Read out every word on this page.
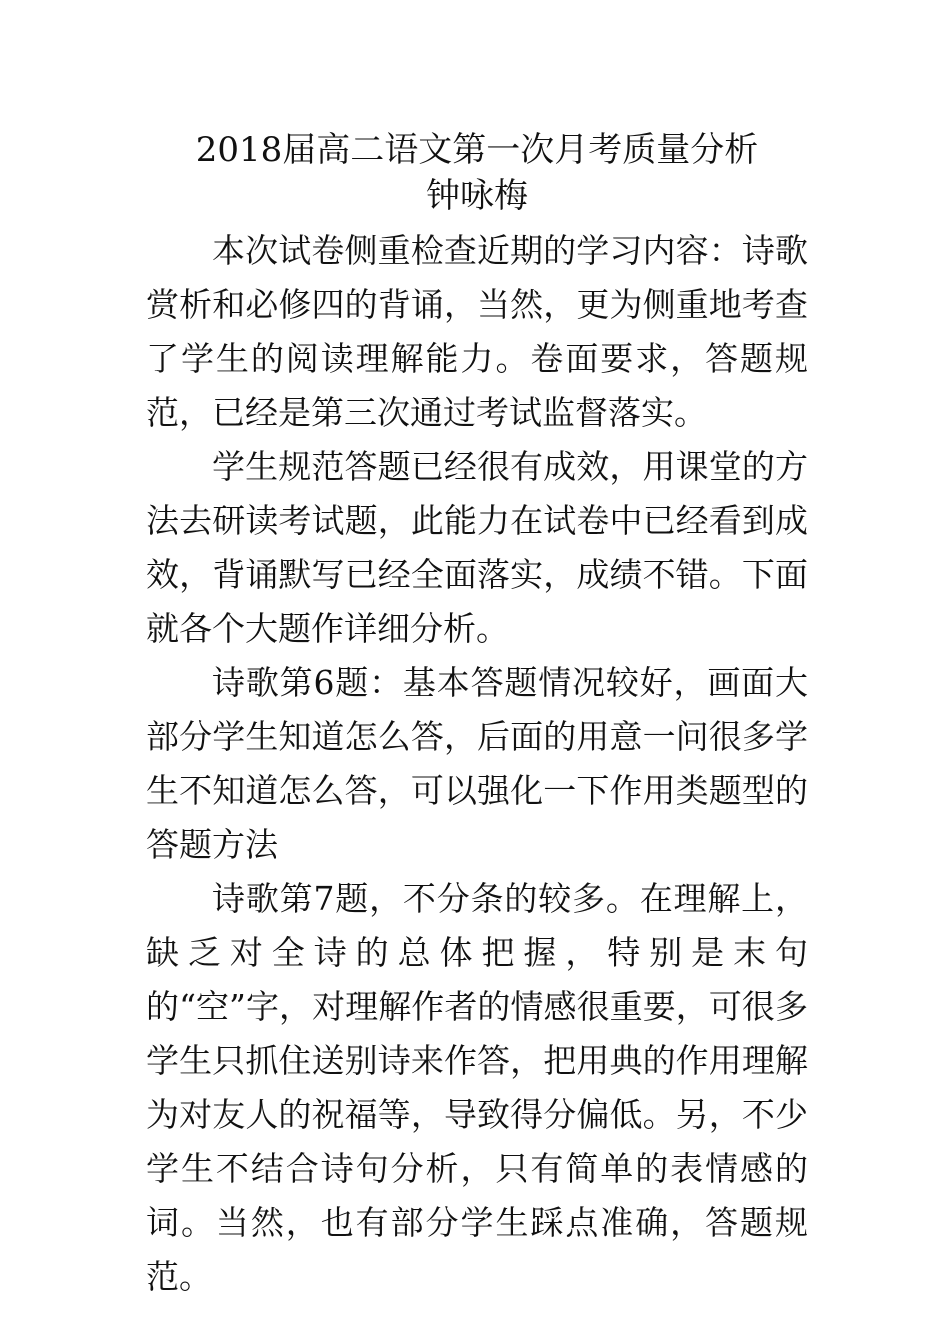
2018届高二语文第一次月考质量分析
钟咏梅

本次试卷侧重检查近期的学习内容：诗歌赏析和必修四的背诵，当然，更为侧重地考查了学生的阅读理解能力。卷面要求，答题规范，已经是第三次通过考试监督落实。

学生规范答题已经很有成效，用课堂的方法去研读考试题，此能力在试卷中已经看到成效，背诵默写已经全面落实，成绩不错。下面就各个大题作详细分析。

诗歌第6题：基本答题情况较好，画面大部分学生知道怎么答，后面的用意一问很多学生不知道怎么答，可以强化一下作用类题型的答题方法

诗歌第7题，不分条的较多。在理解上，缺乏对全诗的总体把握，特别是末句的“空”字，对理解作者的情感很重要，可很多学生只抓住送别诗来作答，把用典的作用理解为对友人的祝福等，导致得分偏低。另，不少学生不结合诗句分析，只有简单的表情感的词。当然，也有部分学生踩点准确，答题规范。
